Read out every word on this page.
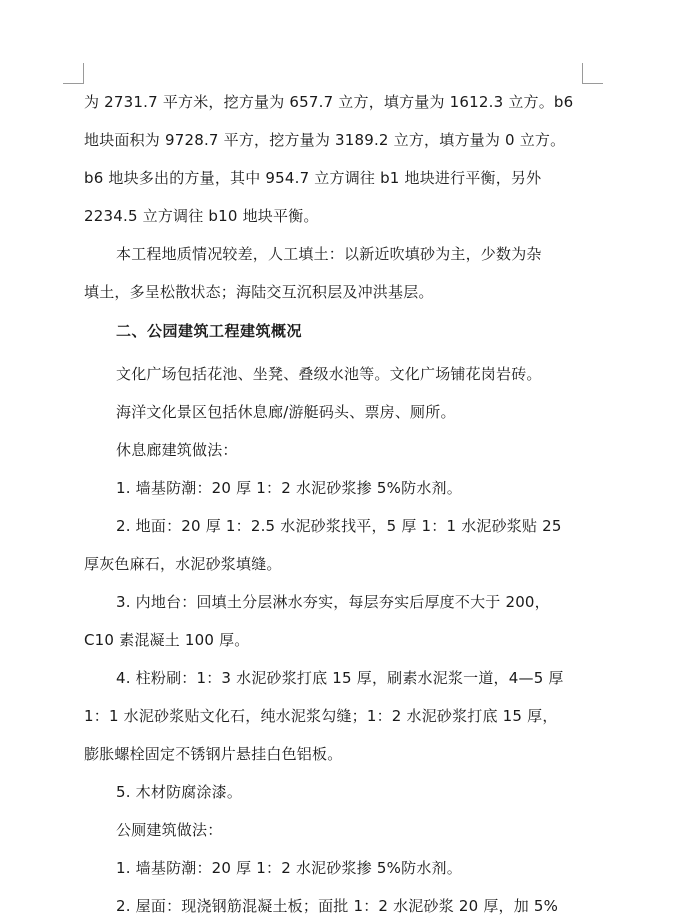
为 2731.7 平方米，挖方量为 657.7 立方，填方量为 1612.3 立方。b6
地块面积为 9728.7 平方，挖方量为 3189.2 立方，填方量为 0 立方。
b6 地块多出的方量，其中 954.7 立方调往 b1 地块进行平衡，另外
2234.5 立方调往 b10 地块平衡。
本工程地质情况较差，人工填土：以新近吹填砂为主，少数为杂
填土，多呈松散状态；海陆交互沉积层及冲洪基层。
二、公园建筑工程建筑概况
文化广场包括花池、坐凳、叠级水池等。文化广场铺花岗岩砖。
海洋文化景区包括休息廊/游艇码头、票房、厕所。
休息廊建筑做法：
1. 墙基防潮：20 厚 1：2 水泥砂浆掺 5%防水剂。
2. 地面：20 厚 1：2.5 水泥砂浆找平，5 厚 1：1 水泥砂浆贴 25
厚灰色麻石，水泥砂浆填缝。
3. 内地台：回填土分层淋水夯实，每层夯实后厚度不大于 200，
C10 素混凝土 100 厚。
4. 柱粉刷：1：3 水泥砂浆打底 15 厚，刷素水泥浆一道，4—5 厚
1：1 水泥砂浆贴文化石，纯水泥浆勾缝；1：2 水泥砂浆打底 15 厚，
膨胀螺栓固定不锈钢片悬挂白色铝板。
5. 木材防腐涂漆。
公厕建筑做法：
1. 墙基防潮：20 厚 1：2 水泥砂浆掺 5%防水剂。
2. 屋面：现浇钢筋混凝土板；面批 1：2 水泥砂浆 20 厚，加 5%
